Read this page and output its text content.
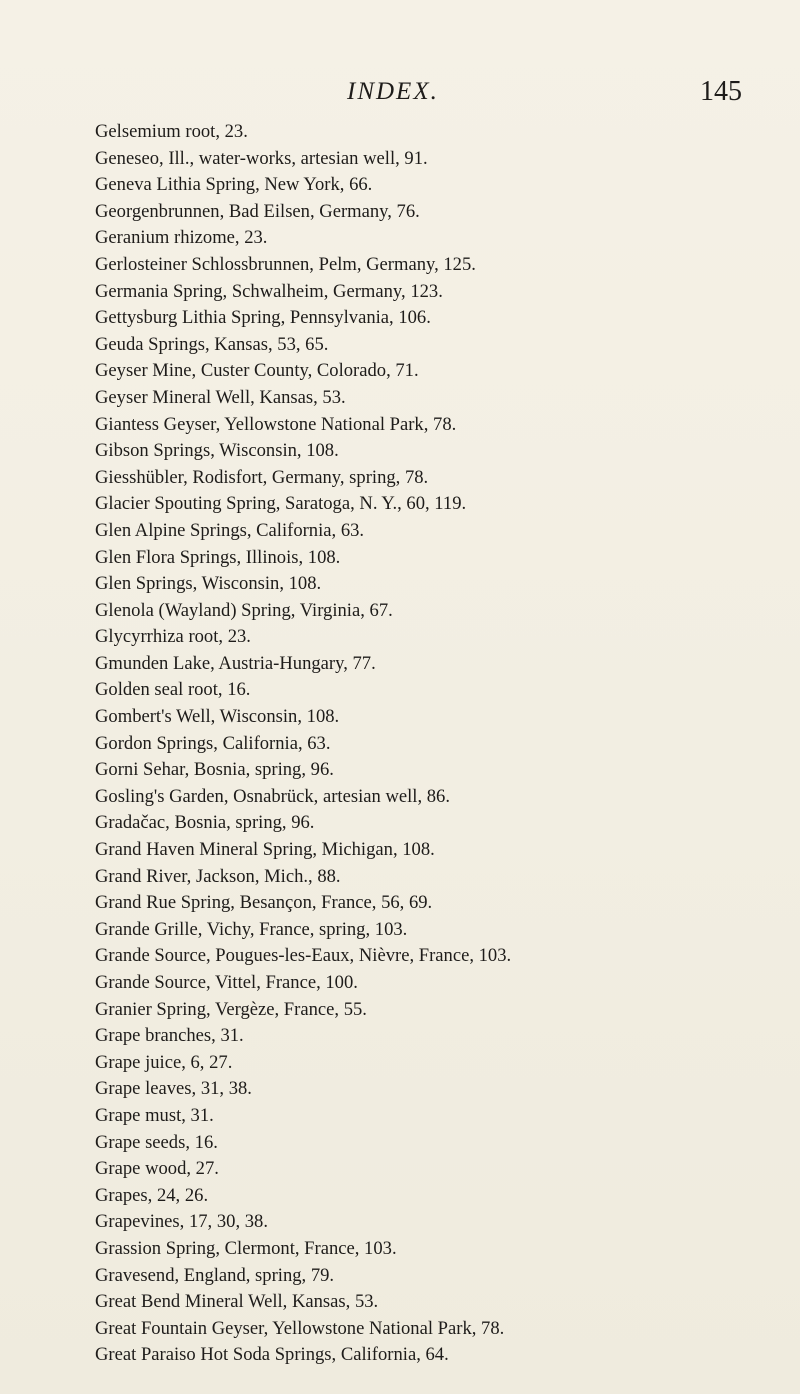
INDEX.	145
Gelsemium root, 23.
Geneseo, Ill., water-works, artesian well, 91.
Geneva Lithia Spring, New York, 66.
Georgenbrunnen, Bad Eilsen, Germany, 76.
Geranium rhizome, 23.
Gerlosteiner Schlossbrunnen, Pelm, Germany, 125.
Germania Spring, Schwalheim, Germany, 123.
Gettysburg Lithia Spring, Pennsylvania, 106.
Geuda Springs, Kansas, 53, 65.
Geyser Mine, Custer County, Colorado, 71.
Geyser Mineral Well, Kansas, 53.
Giantess Geyser, Yellowstone National Park, 78.
Gibson Springs, Wisconsin, 108.
Giesshübler, Rodisfort, Germany, spring, 78.
Glacier Spouting Spring, Saratoga, N. Y., 60, 119.
Glen Alpine Springs, California, 63.
Glen Flora Springs, Illinois, 108.
Glen Springs, Wisconsin, 108.
Glenola (Wayland) Spring, Virginia, 67.
Glycyrrhiza root, 23.
Gmunden Lake, Austria-Hungary, 77.
Golden seal root, 16.
Gombert's Well, Wisconsin, 108.
Gordon Springs, California, 63.
Gorni Sehar, Bosnia, spring, 96.
Gosling's Garden, Osnabrück, artesian well, 86.
Gradačac, Bosnia, spring, 96.
Grand Haven Mineral Spring, Michigan, 108.
Grand River, Jackson, Mich., 88.
Grand Rue Spring, Besançon, France, 56, 69.
Grande Grille, Vichy, France, spring, 103.
Grande Source, Pougues-les-Eaux, Nièvre, France, 103.
Grande Source, Vittel, France, 100.
Granier Spring, Vergèze, France, 55.
Grape branches, 31.
Grape juice, 6, 27.
Grape leaves, 31, 38.
Grape must, 31.
Grape seeds, 16.
Grape wood, 27.
Grapes, 24, 26.
Grapevines, 17, 30, 38.
Grassion Spring, Clermont, France, 103.
Gravesend, England, spring, 79.
Great Bend Mineral Well, Kansas, 53.
Great Fountain Geyser, Yellowstone National Park, 78.
Great Paraiso Hot Soda Springs, California, 64.
